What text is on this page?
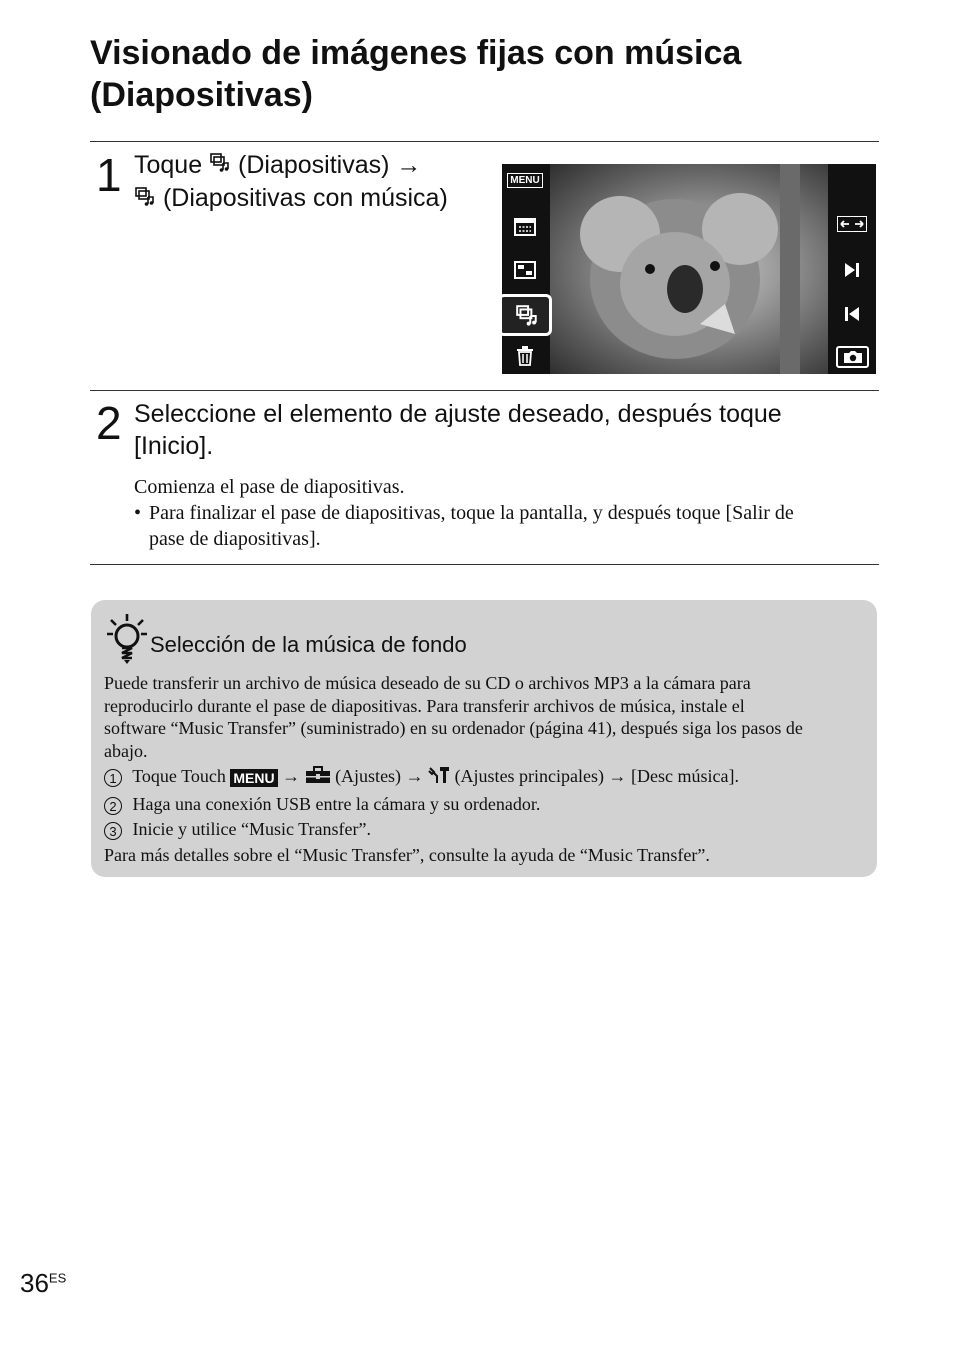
Visionado de imágenes fijas con música
(Diapositivas)
1 Toque (Diapositivas) →
(Diapositivas con música)
MENU
2 Seleccione el elemento de ajuste deseado, después toque
[Inicio].
Comienza el pase de diapositivas.
• Para finalizar el pase de diapositivas, toque la pantalla, y después toque [Salir de
pase de diapositivas].
Selección de la música de fondo
Puede transferir un archivo de música deseado de su CD o archivos MP3 a la cámara para
reproducirlo durante el pase de diapositivas. Para transferir archivos de música, instale el
software “Music Transfer” (suministrado) en su ordenador (página 41), después siga los pasos de
abajo.
1 Toque Touch MENU → (Ajustes) → (Ajustes principales) → [Desc música].
2 Haga una conexión USB entre la cámara y su ordenador.
3 Inicie y utilice “Music Transfer”.
Para más detalles sobre el “Music Transfer”, consulte la ayuda de “Music Transfer”.
$36^{ES}$
